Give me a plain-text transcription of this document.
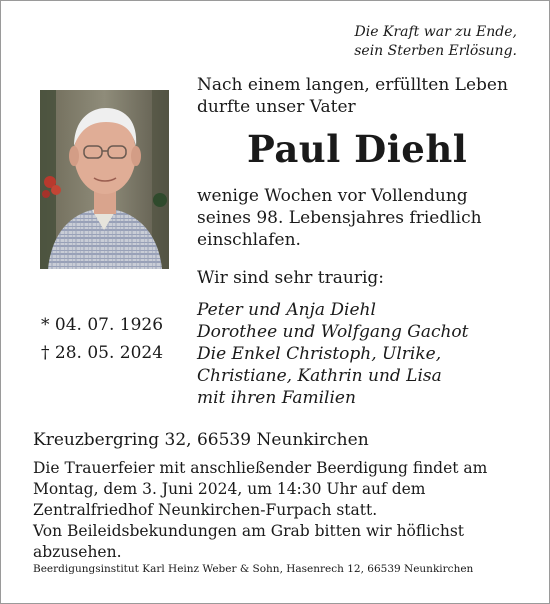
Die Kraft war zu Ende,
sein Sterben Erlösung.
Nach einem langen, erfüllten Leben
durfte unser Vater
Paul Diehl
wenige Wochen vor Vollendung
seines 98. Lebensjahres friedlich
einschlafen.
Wir sind sehr traurig:
Peter und Anja Diehl
Dorothee und Wolfgang Gachot
Die Enkel Christoph, Ulrike,
Christiane, Kathrin und Lisa
mit ihren Familien
* 04. 07. 1926
† 28. 05. 2024
Kreuzbergring 32, 66539 Neunkirchen
Die Trauerfeier mit anschließender Beerdigung findet am
Montag, dem 3. Juni 2024, um 14:30 Uhr auf dem
Zentralfriedhof Neunkirchen-Furpach statt.
Von Beileidsbekundungen am Grab bitten wir höflichst
abzusehen.
Beerdigungsinstitut Karl Heinz Weber & Sohn, Hasenrech 12, 66539 Neunkirchen
